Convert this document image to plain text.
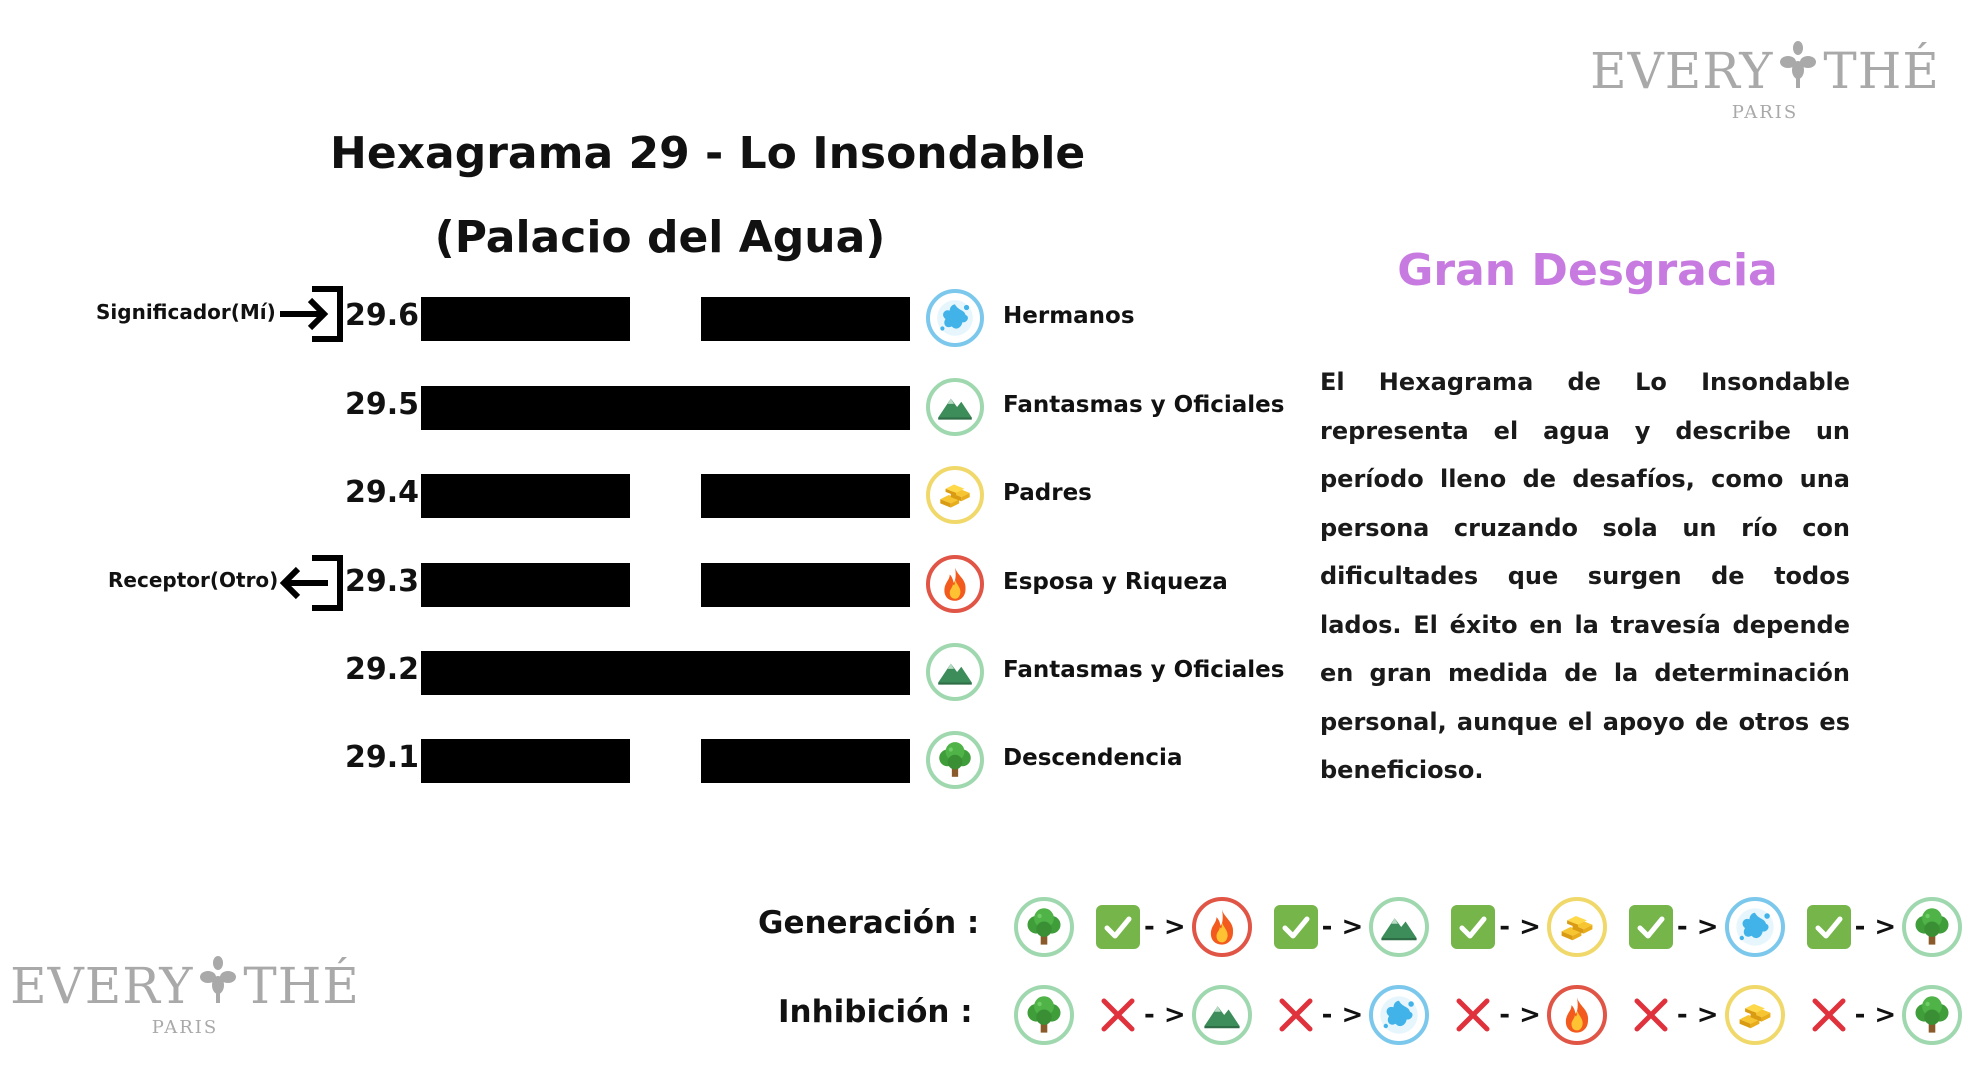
EVERY THÉ
PARIS
EVERY THÉ
PARIS
Hexagrama 29 - Lo Insondable
(Palacio del Agua)
Significador(Mí)
Receptor(Otro)
29.6	Hermanos
29.5	Fantasmas y Oficiales
29.4	Padres
29.3	Esposa y Riqueza
29.2	Fantasmas y Oficiales
29.1	Descendencia
Gran Desgracia
El Hexagrama de Lo Insondable representa el agua y describe un período lleno de desafíos, como una persona cruzando sola un río con dificultades que surgen de todos lados. El éxito en la travesía depende en gran medida de la determinación personal, aunque el apoyo de otros es beneficioso.
Generación :	- >	- >	- >	- >	- >
Inhibición :	- >	- >	- >	- >	- >
